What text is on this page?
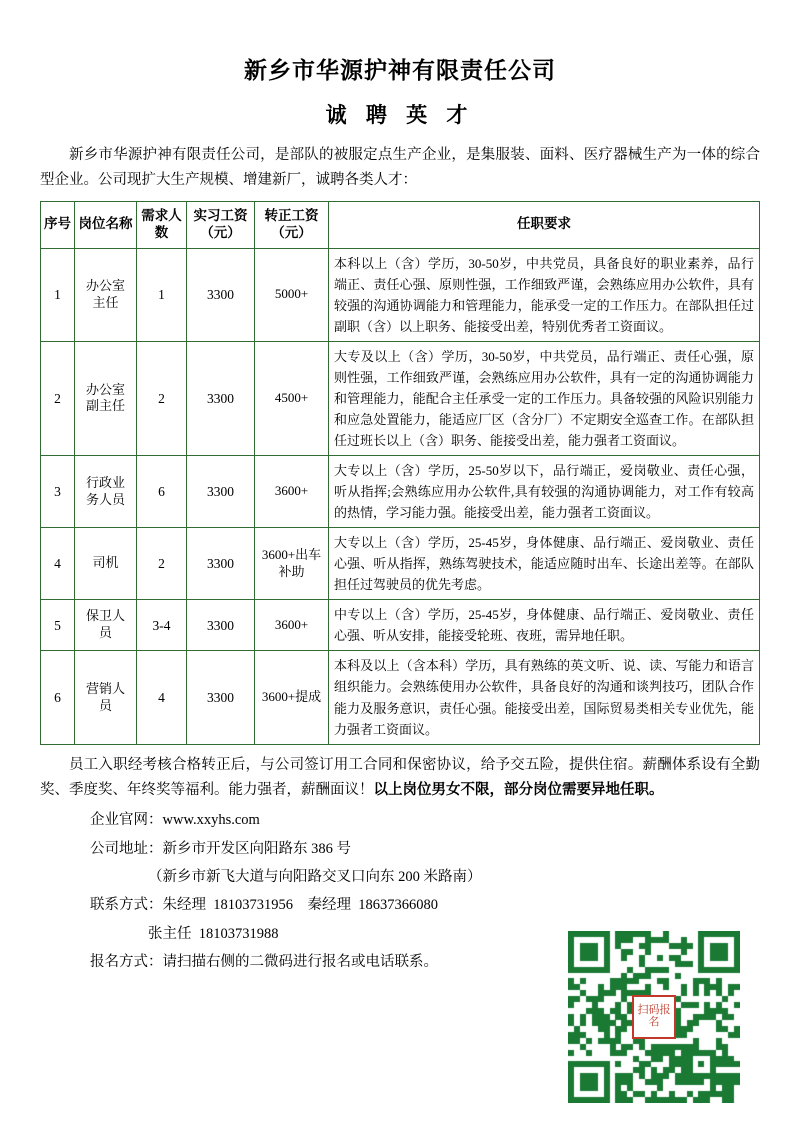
新乡市华源护神有限责任公司
诚 聘 英 才

新乡市华源护神有限责任公司，是部队的被服定点生产企业，是集服装、面料、医疗器械生产为一体的综合型企业。公司现扩大生产规模、增建新厂，诚聘各类人才：

序号	岗位名称	需求人数	实习工资（元）	转正工资（元）	任职要求
1	办公室主任	1	3300	5000+	本科以上（含）学历，30-50岁，中共党员，具备良好的职业素养，品行端正、责任心强、原则性强，工作细致严谨，会熟练应用办公软件，具有较强的沟通协调能力和管理能力，能承受一定的工作压力。在部队担任过副职（含）以上职务、能接受出差，特别优秀者工资面议。
2	办公室副主任	2	3300	4500+	大专及以上（含）学历，30-50岁，中共党员，品行端正、责任心强，原则性强，工作细致严谨，会熟练应用办公软件，具有一定的沟通协调能力和管理能力，能配合主任承受一定的工作压力。具备较强的风险识别能力和应急处置能力，能适应厂区（含分厂）不定期安全巡查工作。在部队担任过班长以上（含）职务、能接受出差，能力强者工资面议。
3	行政业务人员	6	3300	3600+	大专以上（含）学历，25-50岁以下，品行端正，爱岗敬业、责任心强，听从指挥;会熟练应用办公软件,具有较强的沟通协调能力，对工作有较高的热情，学习能力强。能接受出差，能力强者工资面议。
4	司机	2	3300	3600+出车补助	大专以上（含）学历，25-45岁，身体健康、品行端正、爱岗敬业、责任心强、听从指挥，熟练驾驶技术，能适应随时出车、长途出差等。在部队担任过驾驶员的优先考虑。
5	保卫人员	3-4	3300	3600+	中专以上（含）学历，25-45岁，身体健康、品行端正、爱岗敬业、责任心强、听从安排，能接受轮班、夜班，需异地任职。
6	营销人员	4	3300	3600+提成	本科及以上（含本科）学历，具有熟练的英文听、说、读、写能力和语言组织能力。会熟练使用办公软件，具备良好的沟通和谈判技巧，团队合作能力及服务意识，责任心强。能接受出差，国际贸易类相关专业优先，能力强者工资面议。

员工入职经考核合格转正后，与公司签订用工合同和保密协议，给予交五险，提供住宿。薪酬体系设有全勤奖、季度奖、年终奖等福利。能力强者，薪酬面议！以上岗位男女不限，部分岗位需要异地任职。

企业官网：www.xxyhs.com
公司地址：新乡市开发区向阳路东 386 号
（新乡市新飞大道与向阳路交叉口向东 200 米路南）
联系方式：朱经理  18103731956    秦经理  18637366080
张主任  18103731988
报名方式：请扫描右侧的二微码进行报名或电话联系。
扫码报名
